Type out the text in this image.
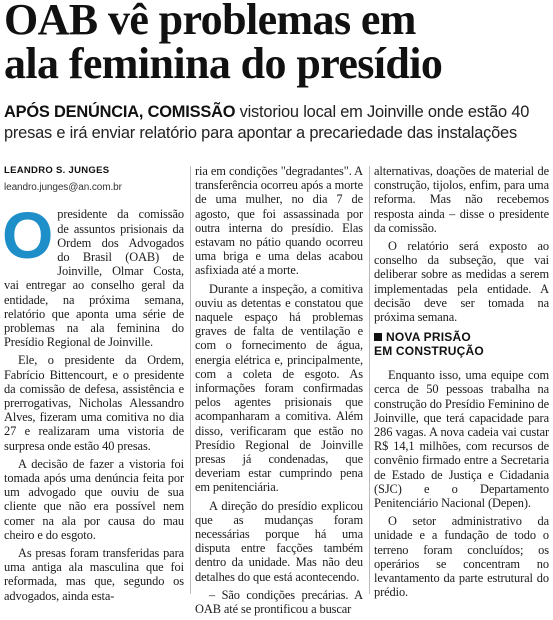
OAB vê problemas em
ala feminina do presídio
APÓS DENÚNCIA, COMISSÃO vistoriou local em Joinville onde estão 40 presas e irá enviar relatório para apontar a precariedade das instalações
LEANDRO S. JUNGES
leandro.junges@an.com.br

Opresidente da comissão de assuntos prisionais da Ordem dos Advogados do Brasil (OAB) de Joinville, Olmar Costa, vai entregar ao conselho geral da entidade, na próxima semana, relatório que aponta uma série de problemas na ala feminina do Presídio Regional de Joinville.

Ele, o presidente da Ordem, Fabrício Bittencourt, e o presidente da comissão de defesa, assistência e prerrogativas, Nicholas Alessandro Alves, fizeram uma comitiva no dia 27 e realizaram uma vistoria de surpresa onde estão 40 presas.

A decisão de fazer a vistoria foi tomada após uma denúncia feita por um advogado que ouviu de sua cliente que não era possível nem comer na ala por causa do mau cheiro e do esgoto.

As presas foram transferidas para uma antiga ala masculina que foi reformada, mas que, segundo os advogados, ainda esta-

ria em condições "degradantes". A transferência ocorreu após a morte de uma mulher, no dia 7 de agosto, que foi assassinada por outra interna do presídio. Elas estavam no pátio quando ocorreu uma briga e uma delas acabou asfixiada até a morte.

Durante a inspeção, a comitiva ouviu as detentas e constatou que naquele espaço há problemas graves de falta de ventilação e com o fornecimento de água, energia elétrica e, principalmente, com a coleta de esgoto. As informações foram confirmadas pelos agentes prisionais que acompanharam a comitiva. Além disso, verificaram que estão no Presídio Regional de Joinville presas já condenadas, que deveriam estar cumprindo pena em penitenciária.

A direção do presídio explicou que as mudanças foram necessárias porque há uma disputa entre facções também dentro da unidade. Mas não deu detalhes do que está acontecendo.

– São condições precárias. A OAB até se prontificou a buscar

alternativas, doações de material de construção, tijolos, enfim, para uma reforma. Mas não recebemos resposta ainda – disse o presidente da comissão.

O relatório será exposto ao conselho da subseção, que vai deliberar sobre as medidas a serem implementadas pela entidade. A decisão deve ser tomada na próxima semana.

NOVA PRISÃO
EM CONSTRUÇÃO

Enquanto isso, uma equipe com cerca de 50 pessoas trabalha na construção do Presídio Feminino de Joinville, que terá capacidade para 286 vagas. A nova cadeia vai custar R$ 14,1 milhões, com recursos de convênio firmado entre a Secretaria de Estado de Justiça e Cidadania (SJC) e o Departamento Penitenciário Nacional (Depen).

O setor administrativo da unidade e a fundação de todo o terreno foram concluídos; os operários se concentram no levantamento da parte estrutural do prédio.
